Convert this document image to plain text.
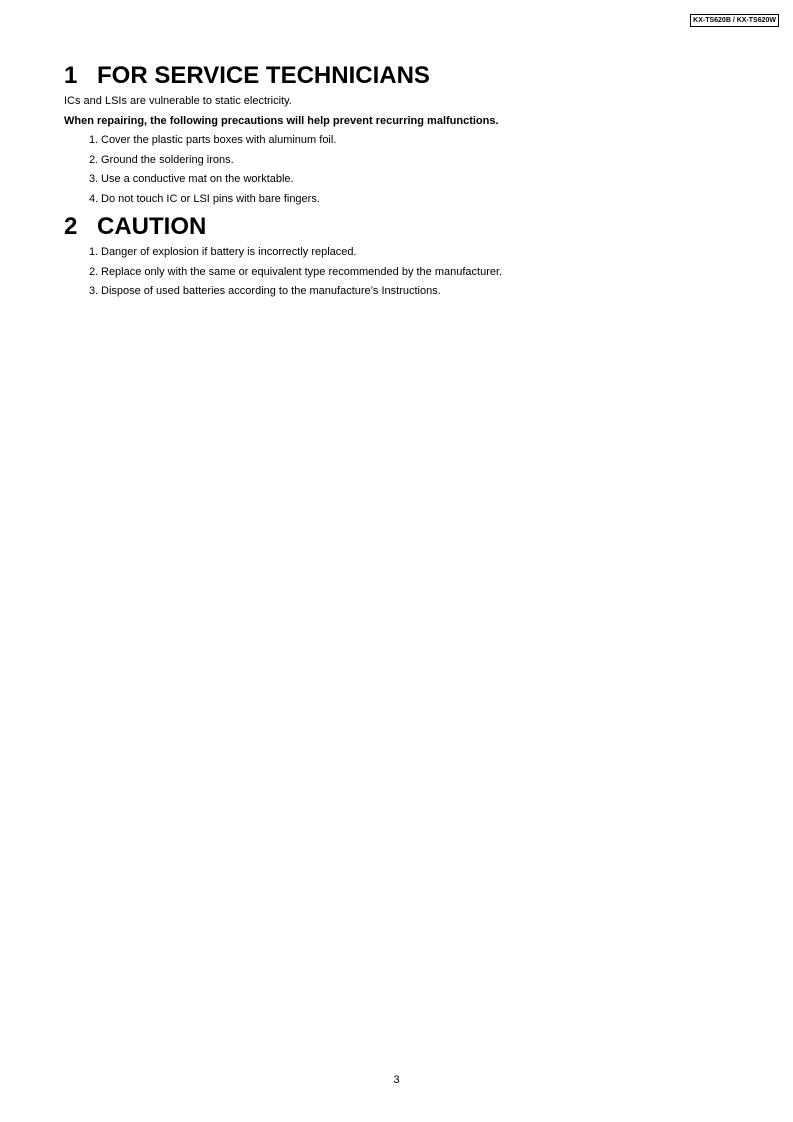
KX-TS620B / KX-TS620W
1 FOR SERVICE TECHNICIANS

ICs and LSIs are vulnerable to static electricity.

When repairing, the following precautions will help prevent recurring malfunctions.

1. Cover the plastic parts boxes with aluminum foil.
2. Ground the soldering irons.
3. Use a conductive mat on the worktable.
4. Do not touch IC or LSI pins with bare fingers.
2 CAUTION
1. Danger of explosion if battery is incorrectly replaced.
2. Replace only with the same or equivalent type recommended by the manufacturer.
3. Dispose of used batteries according to the manufacture’s Instructions.
3
